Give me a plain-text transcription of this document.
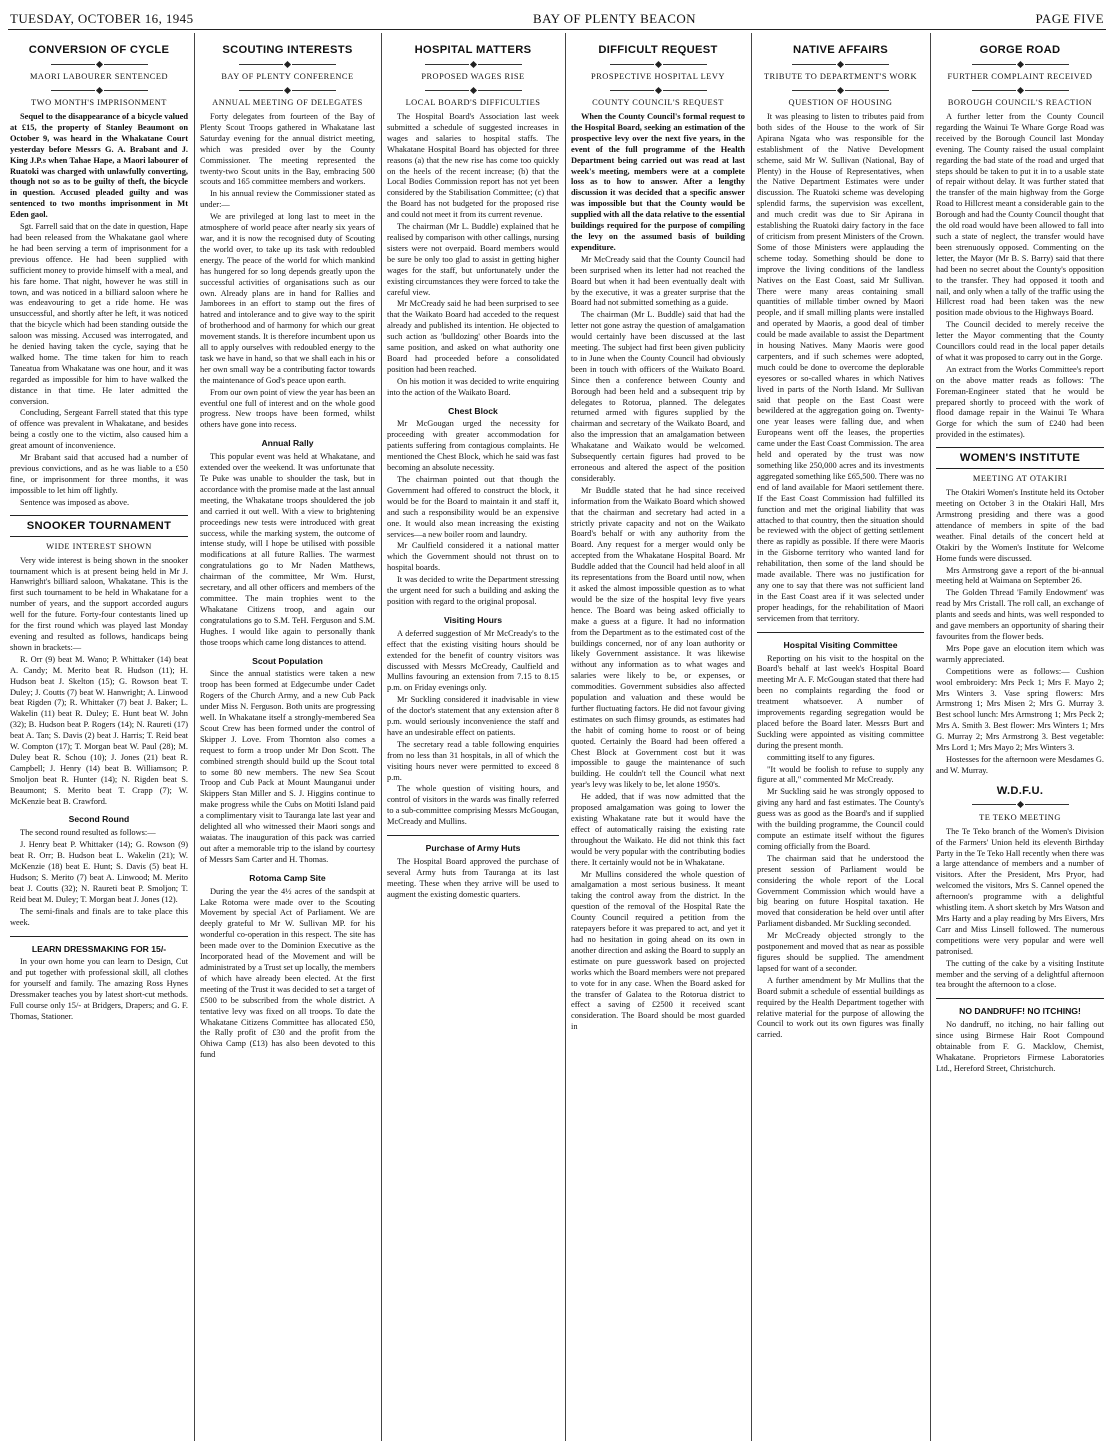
TUESDAY, OCTOBER 16, 1945	BAY OF PLENTY BEACON	PAGE FIVE
CONVERSION OF CYCLE
MAORI LABOURER SENTENCED
TWO MONTH'S IMPRISONMENT

Sequel to the disappearance of a bicycle valued at £15, the property of Stanley Beaumont on October 9, was heard in the Whakatane Court yesterday before Messrs G. A. Brabant and J. King J.P.s when Tahae Hape, a Maori labourer of Ruatoki was charged with unlawfully converting, though not so as to be guilty of theft, the bicycle in question. Accused pleaded guilty and was sentenced to two months imprisonment in Mt Eden gaol.

Sgt. Farrell said that on the date in question, Hape had been released from the Whakatane gaol where he had been serving a term of imprisonment for a previous offence. He had been supplied with sufficient money to provide himself with a meal, and his fare home. That night, however he was still in town, and was noticed in a billiard saloon where he was endeavouring to get a ride home. He was unsuccessful, and shortly after he left, it was noticed that the bicycle which had been standing outside the saloon was missing. Accused was interrogated, and he denied having taken the cycle, saying that he walked home. The time taken for him to reach Taneatua from Whakatane was one hour, and it was regarded as impossible for him to have walked the distance in that time. He later admitted the conversion.

Concluding, Sergeant Farrell stated that this type of offence was prevalent in Whakatane, and besides being a costly one to the victim, also caused him a great amount of inconvenience.

Mr Brabant said that accused had a number of previous convictions, and as he was liable to a £50 fine, or imprisonment for three months, it was impossible to let him off lightly.

Sentence was imposed as above.

SNOOKER TOURNAMENT
WIDE INTEREST SHOWN

Very wide interest is being shown in the snooker tournament which is at present being held in Mr J. Hanwright's billiard saloon, Whakatane. This is the first such tournament to be held in Whakatane for a number of years, and the support accorded augurs well for the future. Forty-four contestants lined up for the first round which was played last Monday evening and resulted as follows, handicaps being shown in brackets:—

R. Orr (9) beat M. Wano; P. Whittaker (14) beat A. Candy; M. Merito beat R. Hudson (11); H. Hudson beat J. Skelton (15); G. Rowson beat T. Duley; J. Coutts (7) beat W. Hanwright; A. Linwood beat Rigden (7); R. Whittaker (7) beat J. Baker; L. Wakelin (11) beat R. Duley; E. Hunt beat W. John (32); B. Hudson beat P. Rogers (14); N. Raureti (17) beat A. Tan; S. Davis (2) beat J. Harris; T. Reid beat W. Compton (17); T. Morgan beat W. Paul (28); M. Duley beat R. Schou (10); J. Jones (21) beat R. Campbell; J. Henry (14) beat B. Williamson; P. Smoljon beat R. Hunter (14); N. Rigden beat S. Beaumont; S. Merito beat T. Crapp (7); W. McKenzie beat B. Crawford.

Second Round

The second round resulted as follows:—

J. Henry beat P. Whittaker (14); G. Rowson (9) beat R. Orr; B. Hudson beat L. Wakelin (21); W. McKenzie (18) beat E. Hunt; S. Davis (5) beat H. Hudson; S. Merito (7) beat A. Linwood; M. Merito beat J. Coutts (32); N. Raureti beat P. Smoljon; T. Reid beat M. Duley; T. Morgan beat J. Jones (12).

The semi-finals and finals are to take place this week.

LEARN DRESSMAKING FOR 15/-

In your own home you can learn to Design, Cut and put together with professional skill, all clothes for yourself and family. The amazing Ross Hynes Dressmaker teaches you by latest short-cut methods. Full course only 15/- at Bridgers, Drapers; and G. F. Thomas, Stationer.

SCOUTING INTERESTS
BAY OF PLENTY CONFERENCE
ANNUAL MEETING OF DELEGATES

Forty delegates from fourteen of the Bay of Plenty Scout Troops gathered in Whakatane last Saturday evening for the annual district meeting, which was presided over by the County Commissioner. The meeting represented the twenty-two Scout units in the Bay, embracing 500 scouts and 165 committee members and workers.

In his annual review the Commissioner stated as under:—

We are privileged at long last to meet in the atmosphere of world peace after nearly six years of war, and it is now the recognised duty of Scouting the world over, to take up its task with redoubled energy. The peace of the world for which mankind has hungered for so long depends greatly upon the successful activities of organisations such as our own. Already plans are in hand for Rallies and Jamborees in an effort to stamp out the fires of hatred and intolerance and to give way to the spirit of brotherhood and of harmony for which our great movement stands. It is therefore incumbent upon us all to apply ourselves with redoubled energy to the task we have in hand, so that we shall each in his or her own small way be a contributing factor towards the maintenance of God's peace upon earth.

From our own point of view the year has been an eventful one full of interest and on the whole good progress. New troops have been formed, whilst others have gone into recess.

Annual Rally

This popular event was held at Whakatane, and extended over the weekend. It was unfortunate that Te Puke was unable to shoulder the task, but in accordance with the promise made at the last annual meeting, the Whakatane troops shouldered the job and carried it out well. With a view to brightening proceedings new tests were introduced with great success, while the marking system, the outcome of intense study, will I hope be utilised with possible modifications at all future Rallies. The warmest congratulations go to Mr Naden Matthews, chairman of the committee, Mr Wm. Hurst, secretary, and all other officers and members of the committee. The main trophies went to the Whakatane Citizens troop, and again our congratulations go to S.M. TeH. Ferguson and S.M. Hughes. I would like again to personally thank those troops which came long distances to attend.

Scout Population

Since the annual statistics were taken a new troop has been formed at Edgecumbe under Cadet Rogers of the Church Army, and a new Cub Pack under Miss N. Ferguson. Both units are progressing well. In Whakatane itself a strongly-membered Sea Scout Crew has been formed under the control of Skipper J. Love. From Thornton also comes a request to form a troop under Mr Don Scott. The combined strength should build up the Scout total to some 80 new members. The new Sea Scout Troop and Cub Pack at Mount Maunganui under Skippers Stan Miller and S. J. Higgins continue to make progress while the Cubs on Motiti Island paid a complimentary visit to Tauranga late last year and delighted all who witnessed their Maori songs and waiatas. The inauguration of this pack was carried out after a memorable trip to the island by courtesy of Messrs Sam Carter and H. Thomas.

Rotoma Camp Site

During the year the 4½ acres of the sandspit at Lake Rotoma were made over to the Scouting Movement by special Act of Parliament. We are deeply grateful to Mr W. Sullivan MP. for his wonderful co-operation in this respect. The site has been made over to the Dominion Executive as the Incorporated head of the Movement and will be administrated by a Trust set up locally, the members of which have already been elected. At the first meeting of the Trust it was decided to set a target of £500 to be subscribed from the whole district. A tentative levy was fixed on all troops. To date the Whakatane Citizens Committee has allocated £50, the Rally profit of £30 and the profit from the Ohiwa Camp (£13) has also been devoted to this fund

HOSPITAL MATTERS
PROPOSED WAGES RISE
LOCAL BOARD'S DIFFICULTIES

The Hospital Board's Association last week submitted a schedule of suggested increases in wages and salaries to hospital staffs. The Whakatane Hospital Board has objected for three reasons (a) that the new rise has come too quickly on the heels of the recent increase; (b) that the Local Bodies Commission report has not yet been considered by the Stabilisation Committee; (c) that the Board has not budgeted for the proposed rise and could not meet it from its current revenue.

The chairman (Mr L. Buddle) explained that he realised by comparison with other callings, nursing sisters were not overpaid. Board members would be sure be only too glad to assist in getting higher wages for the staff, but unfortunately under the existing circumstances they were forced to take the careful view.

Mr McCready said he had been surprised to see that the Waikato Board had acceded to the request already and published its intention. He objected to such action as 'bulldozing' other Boards into the same position, and asked on what authority one Board had proceeded before a consolidated position had been reached.

On his motion it was decided to write enquiring into the action of the Waikato Board.

Chest Block

Mr McGougan urged the necessity for proceeding with greater accommodation for patients suffering from contagious complaints. He mentioned the Chest Block, which he said was fast becoming an absolute necessity.

The chairman pointed out that though the Government had offered to construct the block, it would be for the Board to maintain it and staff it, and such a responsibility would be an expensive one. It would also mean increasing the existing services—a new boiler room and laundry.

Mr Caulfield considered it a national matter which the Government should not thrust on to hospital boards.

It was decided to write the Department stressing the urgent need for such a building and asking the position with regard to the original proposal.

Visiting Hours

A deferred suggestion of Mr McCready's to the effect that the existing visiting hours should be extended for the benefit of country visitors was discussed with Messrs McCready, Caulfield and Mullins favouring an extension from 7.15 to 8.15 p.m. on Friday evenings only.

Mr Suckling considered it inadvisable in view of the doctor's statement that any extension after 8 p.m. would seriously inconvenience the staff and have an undesirable effect on patients.

The secretary read a table following enquiries from no less than 31 hospitals, in all of which the visiting hours never were permitted to exceed 8 p.m.

The whole question of visiting hours, and control of visitors in the wards was finally referred to a sub-committee comprising Messrs McGougan, McCready and Mullins.

Purchase of Army Huts

The Hospital Board approved the purchase of several Army huts from Tauranga at its last meeting. These when they arrive will be used to augment the existing domestic quarters.

DIFFICULT REQUEST
PROSPECTIVE HOSPITAL LEVY
COUNTY COUNCIL'S REQUEST

When the County Council's formal request to the Hospital Board, seeking an estimation of the prospective levy over the next five years, in the event of the full programme of the Health Department being carried out was read at last week's meeting, members were at a complete loss as to how to answer. After a lengthy discussion it was decided that a specific answer was impossible but that the County would be supplied with all the data relative to the essential buildings required for the purpose of compiling the levy on the assumed basis of building expenditure.

Mr McCready said that the County Council had been surprised when its letter had not reached the Board but when it had been eventually dealt with by the executive, it was a greater surprise that the Board had not submitted something as a guide.

The chairman (Mr L. Buddle) said that had the letter not gone astray the question of amalgamation would certainly have been discussed at the last meeting. The subject had first been given publicity to in June when the County Council had obviously been in touch with officers of the Waikato Board. Since then a conference between County and Borough had been held and a subsequent trip by delegates to Rotorua, planned. The delegates returned armed with figures supplied by the chairman and secretary of the Waikato Board, and also the impression that an amalgamation between Whakatane and Waikato would be welcomed. Subsequently certain figures had proved to be erroneous and altered the aspect of the position considerably.

Mr Buddle stated that he had since received information from the Waikato Board which showed that the chairman and secretary had acted in a strictly private capacity and not on the Waikato Board's behalf or with any authority from the Board. Any request for a merger would only be accepted from the Whakatane Hospital Board. Mr Buddle added that the Council had held aloof in all its representations from the Board until now, when it asked the almost impossible question as to what would be the size of the hospital levy five years hence. The Board was being asked officially to make a guess at a figure. It had no information from the Department as to the estimated cost of the buildings concerned, nor of any loan authority or likely Government assistance. It was likewise without any information as to what wages and salaries were likely to be, or expenses, or commodities. Government subsidies also affected population and valuation and these would be further fluctuating factors. He did not favour giving estimates on such flimsy grounds, as estimates had the habit of coming home to roost or of being quoted. Certainly the Board had been offered a Chest Block at Government cost but it was impossible to gauge the maintenance of such building. He couldn't tell the Council what next year's levy was likely to be, let alone 1950's.

He added, that if was now admitted that the proposed amalgamation was going to lower the existing Whakatane rate but it would have the effect of automatically raising the existing rate throughout the Waikato. He did not think this fact would be very popular with the contributing bodies there. It certainly would not be in Whakatane.

Mr Mullins considered the whole question of amalgamation a most serious business. It meant taking the control away from the district. In the question of the removal of the Hospital Rate the County Council required a petition from the ratepayers before it was prepared to act, and yet it had no hesitation in going ahead on its own in another direction and asking the Board to supply an estimate on pure guesswork based on projected works which the Board members were not prepared to vote for in any case. When the Board asked for the transfer of Galatea to the Rotorua district to effect a saving of £2500 it received scant consideration. The Board should be most guarded in

NATIVE AFFAIRS
TRIBUTE TO DEPARTMENT'S WORK
QUESTION OF HOUSING

It was pleasing to listen to tributes paid from both sides of the House to the work of Sir Apirana Ngata who was responsible for the establishment of the Native Development scheme, said Mr W. Sullivan (National, Bay of Plenty) in the House of Representatives, when the Native Department Estimates were under discussion. The Ruatoki scheme was developing splendid farms, the supervision was excellent, and much credit was due to Sir Apirana in establishing the Ruatoki dairy factory in the face of criticism from present Ministers of the Crown. Some of those Ministers were applauding the scheme today. Something should be done to improve the living conditions of the landless Natives on the East Coast, said Mr Sullivan. There were many areas containing small quantities of millable timber owned by Maori people, and if small milling plants were installed and operated by Maoris, a good deal of timber could be made available to assist the Department in housing Natives. Many Maoris were good carpenters, and if such schemes were adopted, much could be done to overcome the deplorable eyesores or so-called whares in which Natives lived in parts of the North Island. Mr Sullivan said that people on the East Coast were bewildered at the aggregation going on. Twenty-one year leases were falling due, and when Europeans went off the leases, the properties came under the East Coast Commission. The area held and operated by the trust was now something like 250,000 acres and its investments aggregated something like £65,500. There was no end of land available for Maori settlement there. If the East Coast Commission had fulfilled its function and met the original liability that was attached to that country, then the situation should be reviewed with the object of getting settlement there as rapidly as possible. If there were Maoris in the Gisborne territory who wanted land for rehabilitation, then some of the land should be made available. There was no justification for any one to say that there was not sufficient land in the East Coast area if it was selected under proper headings, for the rehabilitation of Maori servicemen from that territory.

Hospital Visiting Committee

Reporting on his visit to the hospital on the Board's behalf at last week's Hospital Board meeting Mr A. F. McGougan stated that there had been no complaints regarding the food or treatment whatsoever. A number of improvements regarding segregation would be placed before the Board later. Messrs Burt and Suckling were appointed as visiting committee during the present month.

committing itself to any figures.

"It would be foolish to refuse to supply any figure at all," commented Mr McCready.

Mr Suckling said he was strongly opposed to giving any hard and fast estimates. The County's guess was as good as the Board's and if supplied with the building programme, the Council could compute an estimate itself without the figures coming officially from the Board.

The chairman said that he understood the present session of Parliament would be considering the whole report of the Local Government Commission which would have a big bearing on future Hospital taxation. He moved that consideration be held over until after Parliament disbanded. Mr Suckling seconded.

Mr McCready objected strongly to the postponement and moved that as near as possible figures should be supplied. The amendment lapsed for want of a seconder.

A further amendment by Mr Mullins that the Board submit a schedule of essential buildings as required by the Health Department together with relative material for the purpose of allowing the Council to work out its own figures was finally carried.

GORGE ROAD
FURTHER COMPLAINT RECEIVED
BOROUGH COUNCIL'S REACTION

A further letter from the County Council regarding the Wainui Te Whare Gorge Road was received by the Borough Council last Monday evening. The County raised the usual complaint regarding the bad state of the road and urged that steps should be taken to put it in to a usable state of repair without delay. It was further stated that the transfer of the main highway from the Gorge Road to Hillcrest meant a considerable gain to the Borough and had the County Council thought that the old road would have been allowed to fall into such a state of neglect, the transfer would have been strenuously opposed. Commenting on the letter, the Mayor (Mr B. S. Barry) said that there had been no secret about the County's opposition to the transfer. They had opposed it tooth and nail, and only when a tally of the traffic using the Hillcrest road had been taken was the new position made obvious to the Highways Board.

The Council decided to merely receive the letter the Mayor commenting that the County Councillors could read in the local paper details of what it was proposed to carry out in the Gorge.

An extract from the Works Committee's report on the above matter reads as follows: 'The Foreman-Engineer stated that he would be prepared shortly to proceed with the work of flood damage repair in the Wainui Te Whara Gorge for which the sum of £240 had been provided in the estimates).

WOMEN'S INSTITUTE
MEETING AT OTAKIRI

The Otakiri Women's Institute held its October meeting on October 3 in the Otakiri Hall, Mrs Armstrong presiding and there was a good attendance of members in spite of the bad weather. Final details of the concert held at Otakiri by the Women's Institute for Welcome Home funds were discussed.

Mrs Armstrong gave a report of the bi-annual meeting held at Waimana on September 26.

The Golden Thread 'Family Endowment' was read by Mrs Cristall. The roll call, an exchange of plants and seeds and hints, was well responded to and gave members an opportunity of sharing their favourites from the flower beds.

Mrs Pope gave an elocution item which was warmly appreciated.

Competitions were as follows:— Cushion wool embroidery: Mrs Peck 1; Mrs F. Mayo 2; Mrs Winters 3. Vase spring flowers: Mrs Armstrong 1; Mrs Misen 2; Mrs G. Murray 3. Best school lunch: Mrs Armstrong 1; Mrs Peck 2; Mrs A. Smith 3. Best flower: Mrs Winters 1; Mrs G. Murray 2; Mrs Armstrong 3. Best vegetable: Mrs Lord 1; Mrs Mayo 2; Mrs Winters 3.

Hostesses for the afternoon were Mesdames G. and W. Murray.

W.D.F.U.
TE TEKO MEETING

The Te Teko branch of the Women's Division of the Farmers' Union held its eleventh Birthday Party in the Te Teko Hall recently when there was a large attendance of members and a number of visitors. After the President, Mrs Pryor, had welcomed the visitors, Mrs S. Cannel opened the afternoon's programme with a delightful whistling item. A short sketch by Mrs Watson and Mrs Harty and a play reading by Mrs Eivers, Mrs Carr and Miss Linsell followed. The numerous competitions were very popular and were well patronised.

The cutting of the cake by a visiting Institute member and the serving of a delightful afternoon tea brought the afternoon to a close.

NO DANDRUFF! NO ITCHING!

No dandruff, no itching, no hair falling out since using Birmese Hair Root Compound obtainable from F. G. Macklow, Chemist, Whakatane. Proprietors Firmese Laboratories Ltd., Hereford Street, Christchurch.
